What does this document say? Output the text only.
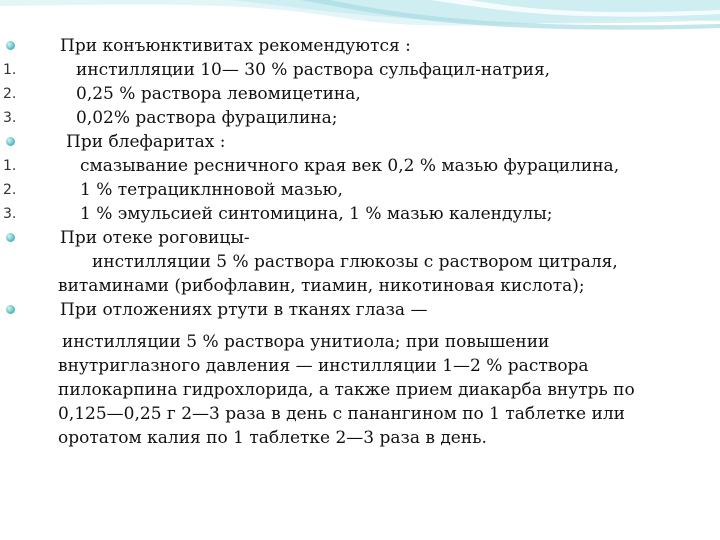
При конъюнктивитах рекомендуются :
1.	инстилляции 10— 30 % раствора сульфацил-натрия,
2.	0,25 % раствора левомицетина,
3.	0,02% раствора фурацилина;
При блефаритах :
1.	смазывание ресничного края век 0,2 % мазью фурацилина,
2.	1 % тетрациклнновой мазью,
3.	1 % эмульсией синтомицина, 1 % мазью календулы;
При отеке роговицы-
инстилляции 5 % раствора глюкозы с раствором цитраля,
витаминами (рибофлавин, тиамин, никотиновая кислота);
При отложениях ртути в тканях глаза —
инстилляции 5 % раствора унитиола; при повышении
внутриглазного давления — инстилляции 1—2 % раствора
пилокарпина гидрохлорида, а также прием диакарба внутрь по
0,125—0,25 г 2—3 раза в день с панангином по 1 таблетке или
оротатом калия по 1 таблетке 2—3 раза в день.
